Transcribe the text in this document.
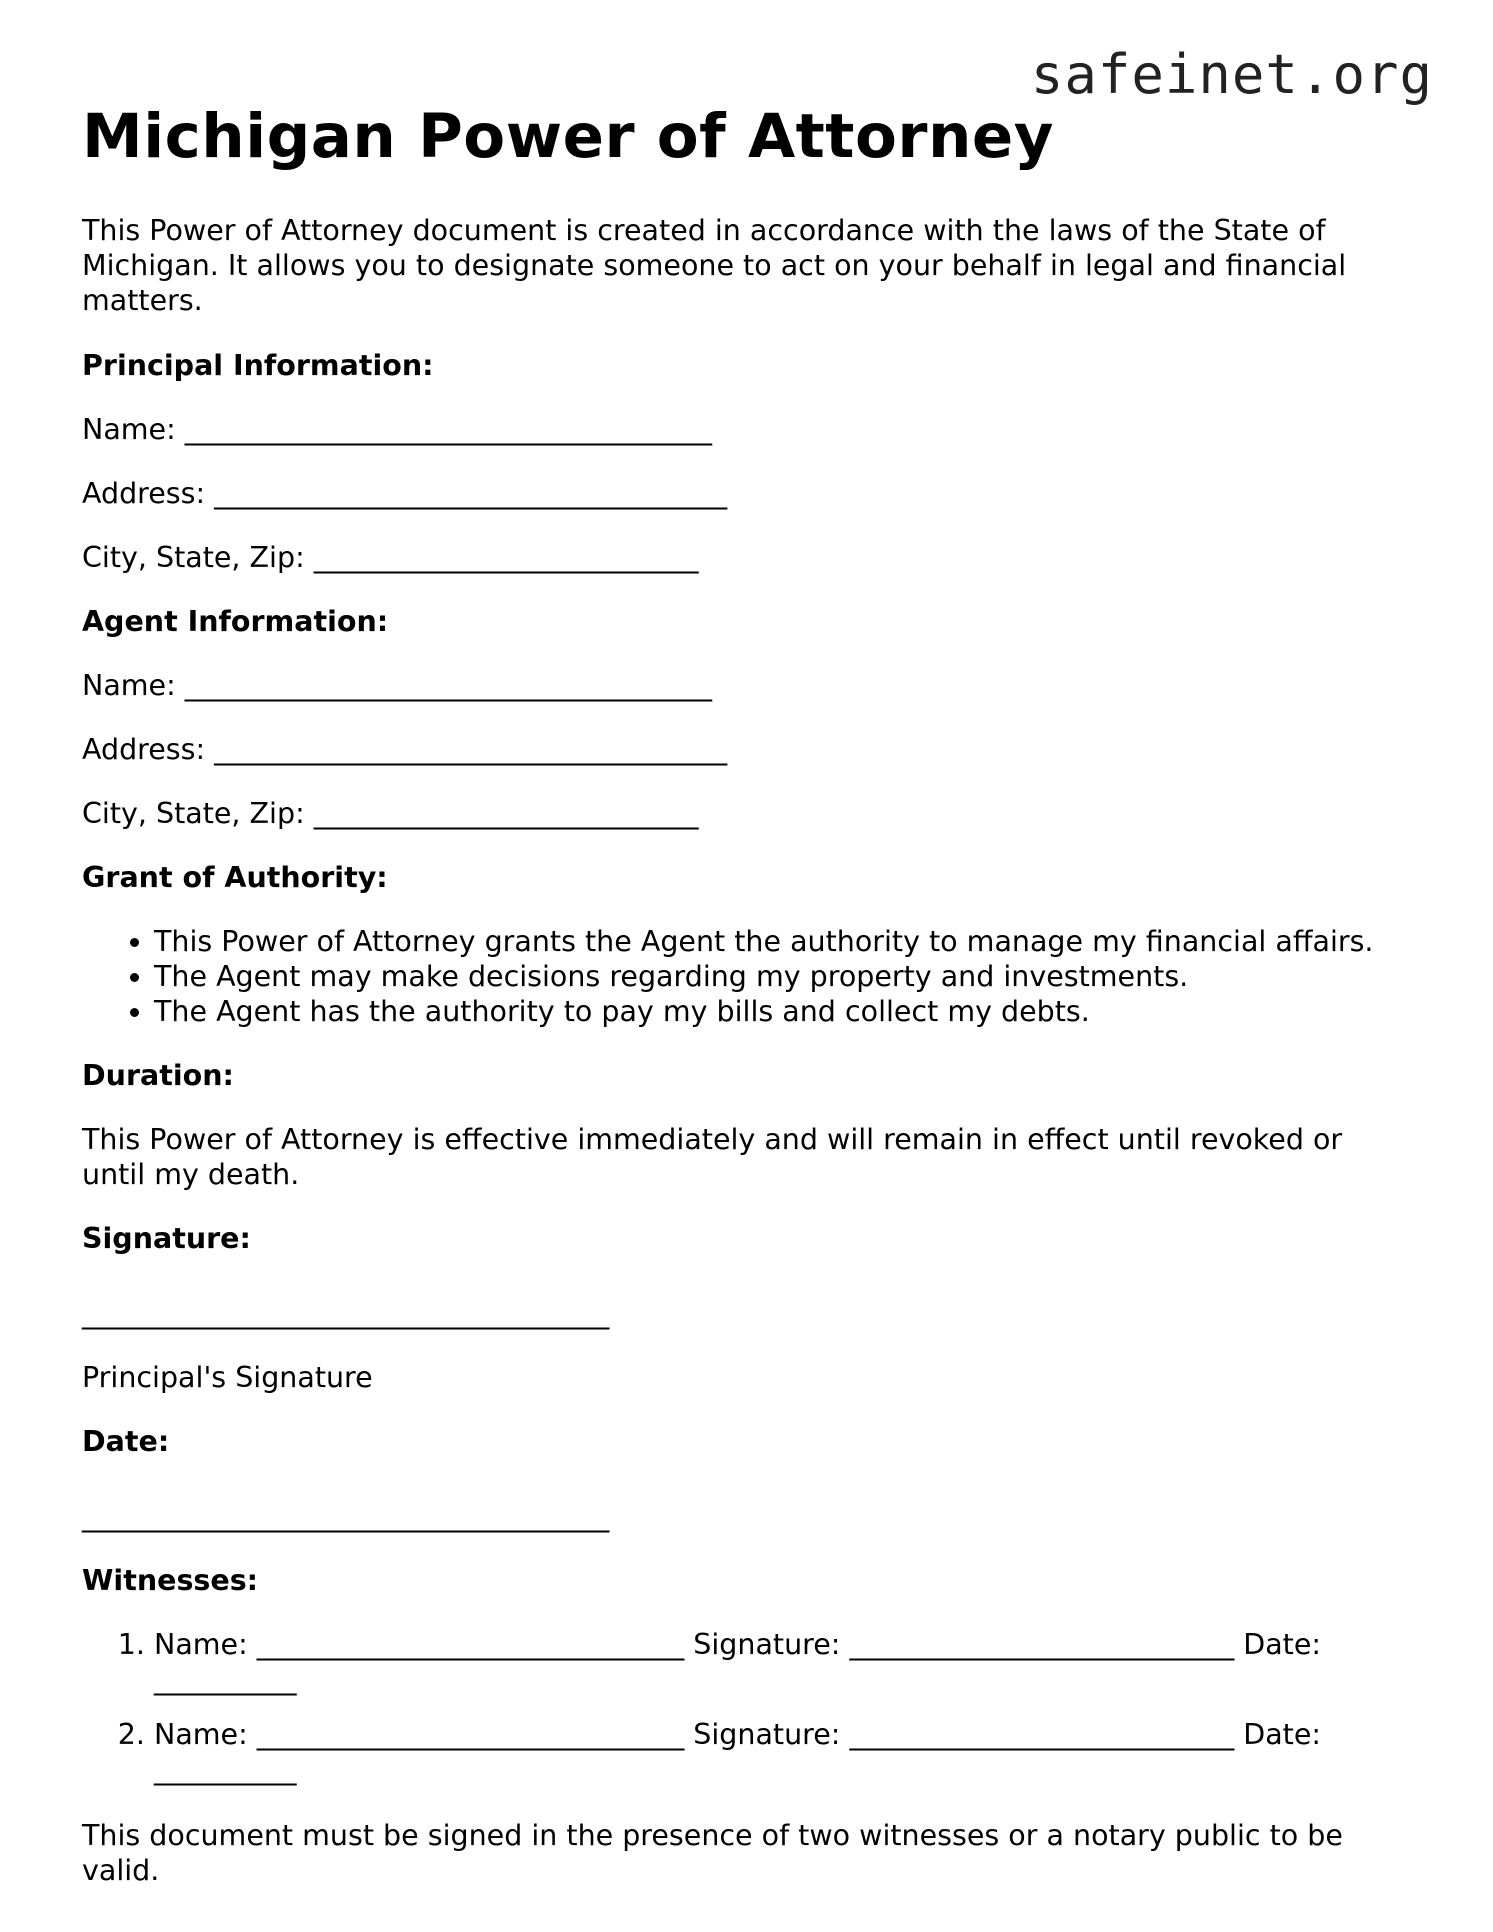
safeinet.org
Michigan Power of Attorney

This Power of Attorney document is created in accordance with the laws of the State of Michigan. It allows you to designate someone to act on your behalf in legal and financial matters.

Principal Information:
Name: _____________________________________
Address: ____________________________________
City, State, Zip: ___________________________
Agent Information:
Name: _____________________________________
Address: ____________________________________
City, State, Zip: ___________________________
Grant of Authority:
• This Power of Attorney grants the Agent the authority to manage my financial affairs.
• The Agent may make decisions regarding my property and investments.
• The Agent has the authority to pay my bills and collect my debts.
Duration:

This Power of Attorney is effective immediately and will remain in effect until revoked or until my death.

Signature:
_____________________________________
Principal's Signature
Date:
_____________________________________
Witnesses:
1. Name: ______________________________ Signature: ___________________________ Date: __________
2. Name: ______________________________ Signature: ___________________________ Date: __________

This document must be signed in the presence of two witnesses or a notary public to be valid.
